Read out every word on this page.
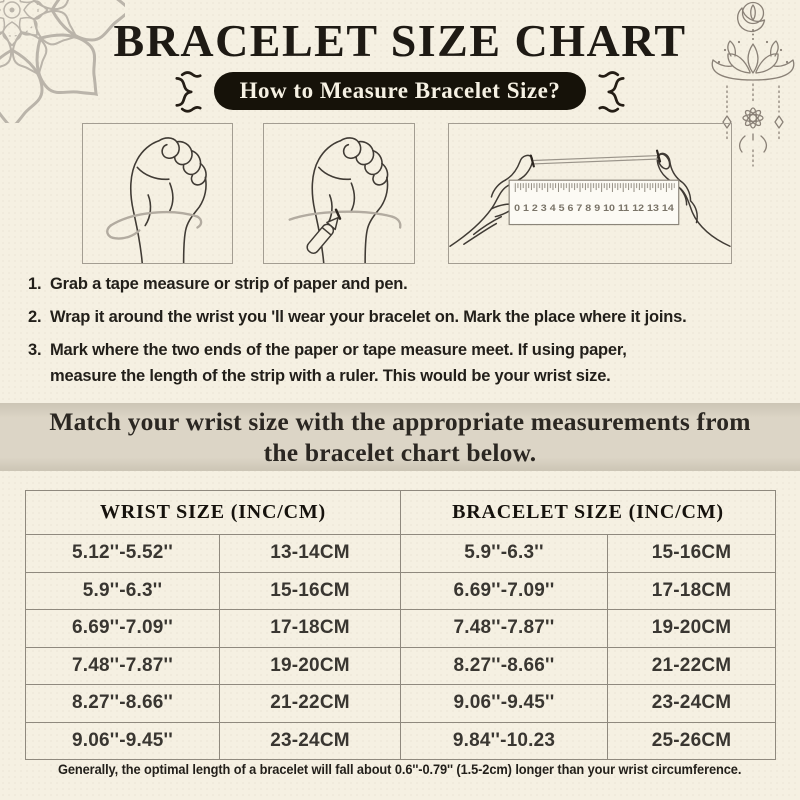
BRACELET SIZE CHART
How to Measure Bracelet Size?
0 1 2 3 4 5 6 7 8 9 10 11 12 13 14
1. Grab a tape measure or strip of paper and pen.
2. Wrap it around the wrist you 'll wear your bracelet on. Mark the place where it joins.
3. Mark where the two ends of the paper or tape measure meet. If using paper, measure the length of the strip with a ruler. This would be your wrist size.

Match your wrist size with the appropriate measurements from the bracelet chart below.

WRIST SIZE (INC/CM)		BRACELET SIZE (INC/CM)	
5.12''-5.52''	13-14CM	5.9''-6.3''	15-16CM
5.9''-6.3''	15-16CM	6.69''-7.09''	17-18CM
6.69''-7.09''	17-18CM	7.48''-7.87''	19-20CM
7.48''-7.87''	19-20CM	8.27''-8.66''	21-22CM
8.27''-8.66''	21-22CM	9.06''-9.45''	23-24CM
9.06''-9.45''	23-24CM	9.84''-10.23	25-26CM
Generally, the optimal length of a bracelet will fall about 0.6''-0.79'' (1.5-2cm) longer than your wrist circumference.
